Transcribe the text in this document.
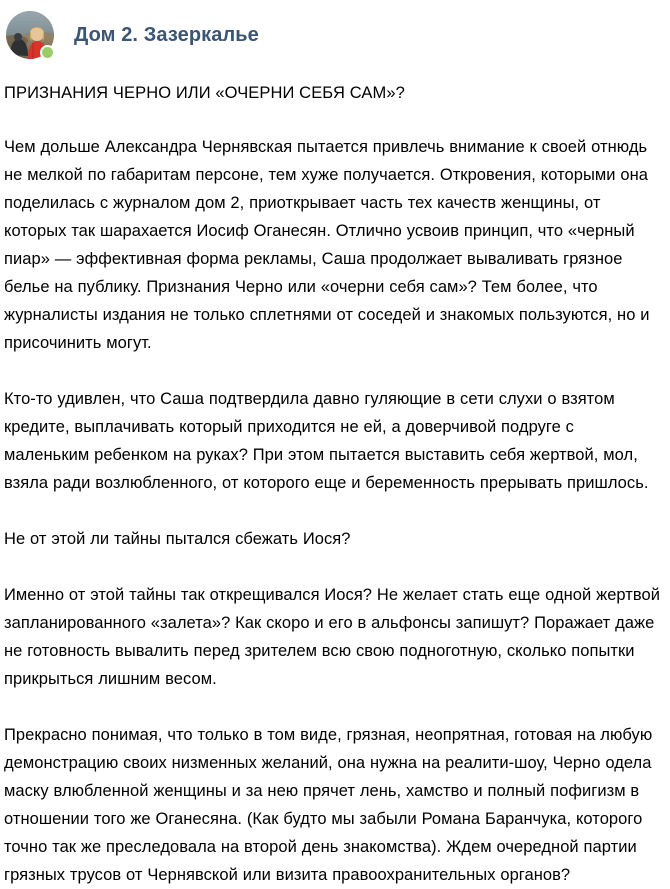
Дом 2. Зазеркалье
ПРИЗНАНИЯ ЧЕРНО ИЛИ «ОЧЕРНИ СЕБЯ САМ»?

Чем дольше Александра Чернявская пытается привлечь внимание к своей отнюдь не мелкой по габаритам персоне, тем хуже получается. Откровения, которыми она поделилась с журналом дом 2, приоткрывает часть тех качеств женщины, от которых так шарахается Иосиф Оганесян. Отлично усвоив принцип, что «черный пиар» — эффективная форма рекламы, Саша продолжает вываливать грязное белье на публику. Признания Черно или «очерни себя сам»? Тем более, что журналисты издания не только сплетнями от соседей и знакомых пользуются, но и присочинить могут.

Кто-то удивлен, что Саша подтвердила давно гуляющие в сети слухи о взятом кредите, выплачивать который приходится не ей, а доверчивой подруге с маленьким ребенком на руках? При этом пытается выставить себя жертвой, мол, взяла ради возлюбленного, от которого еще и беременность прерывать пришлось.

Не от этой ли тайны пытался сбежать Иося?

Именно от этой тайны так открещивался Иося? Не желает стать еще одной жертвой запланированного «залета»? Как скоро и его в альфонсы запишут? Поражает даже не готовность вывалить перед зрителем всю свою подноготную, сколько попытки прикрыться лишним весом.

Прекрасно понимая, что только в том виде, грязная, неопрятная, готовая на любую демонстрацию своих низменных желаний, она нужна на реалити-шоу, Черно одела маску влюбленной женщины и за нею прячет лень, хамство и полный пофигизм в отношении того же Оганесяна. (Как будто мы забыли Романа Баранчука, которого точно так же преследовала на второй день знакомства). Ждем очередной партии грязных трусов от Чернявской или визита правоохранительных органов?
